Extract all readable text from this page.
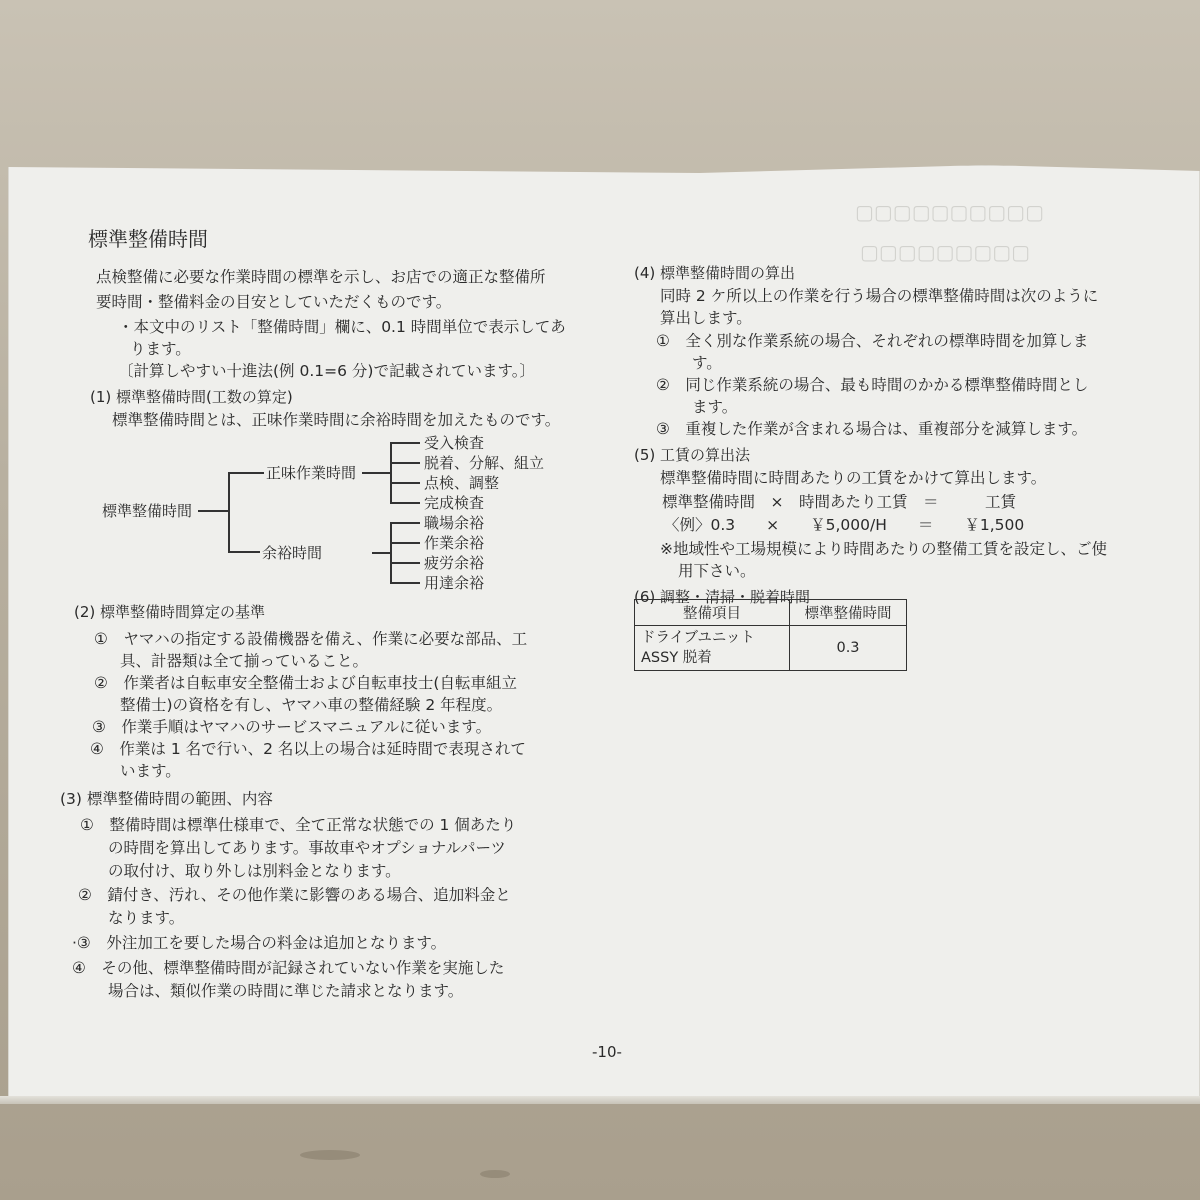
▢▢▢▢▢▢▢▢▢▢
▢▢▢▢▢▢▢▢▢
標準整備時間
点検整備に必要な作業時間の標準を示し、お店での適正な整備所
要時間・整備料金の目安としていただくものです。
・本文中のリスト「整備時間」欄に、0.1 時間単位で表示してあ
ります。
〔計算しやすい十進法(例 0.1=6 分)で記載されています。〕
(1) 標準整備時間(工数の算定)
標準整備時間とは、正味作業時間に余裕時間を加えたものです。
標準整備時間
正味作業時間
余裕時間
受入検査
脱着、分解、組立
点検、調整
完成検査
職場余裕
作業余裕
疲労余裕
用達余裕
(2) 標準整備時間算定の基準
①　ヤマハの指定する設備機器を備え、作業に必要な部品、工
具、計器類は全て揃っていること。
②　作業者は自転車安全整備士および自転車技士(自転車組立
整備士)の資格を有し、ヤマハ車の整備経験 2 年程度。
③　作業手順はヤマハのサービスマニュアルに従います。
④　作業は 1 名で行い、2 名以上の場合は延時間で表現されて
います。
(3) 標準整備時間の範囲、内容
①　整備時間は標準仕様車で、全て正常な状態での 1 個あたり
の時間を算出してあります。事故車やオプショナルパーツ
の取付け、取り外しは別料金となります。
②　錆付き、汚れ、その他作業に影響のある場合、追加料金と
なります。
·③　外注加工を要した場合の料金は追加となります。
④　その他、標準整備時間が記録されていない作業を実施した
場合は、類似作業の時間に準じた請求となります。
(4) 標準整備時間の算出
同時 2 ケ所以上の作業を行う場合の標準整備時間は次のように
算出します。
①　全く別な作業系統の場合、それぞれの標準時間を加算しま
す。
②　同じ作業系統の場合、最も時間のかかる標準整備時間とし
ます。
③　重複した作業が含まれる場合は、重複部分を減算します。
(5) 工賃の算出法
標準整備時間に時間あたりの工賃をかけて算出します。
標準整備時間　×　時間あたり工賃　＝　　　工賃
〈例〉0.3　　×　　￥5,000/H　　＝　　￥1,500
※地域性や工場規模により時間あたりの整備工賃を設定し、ご使
用下さい。
(6) 調整・清掃・脱着時間
整備項目	標準整備時間
ドライブユニット
ASSY 脱着	0.3
-10-
